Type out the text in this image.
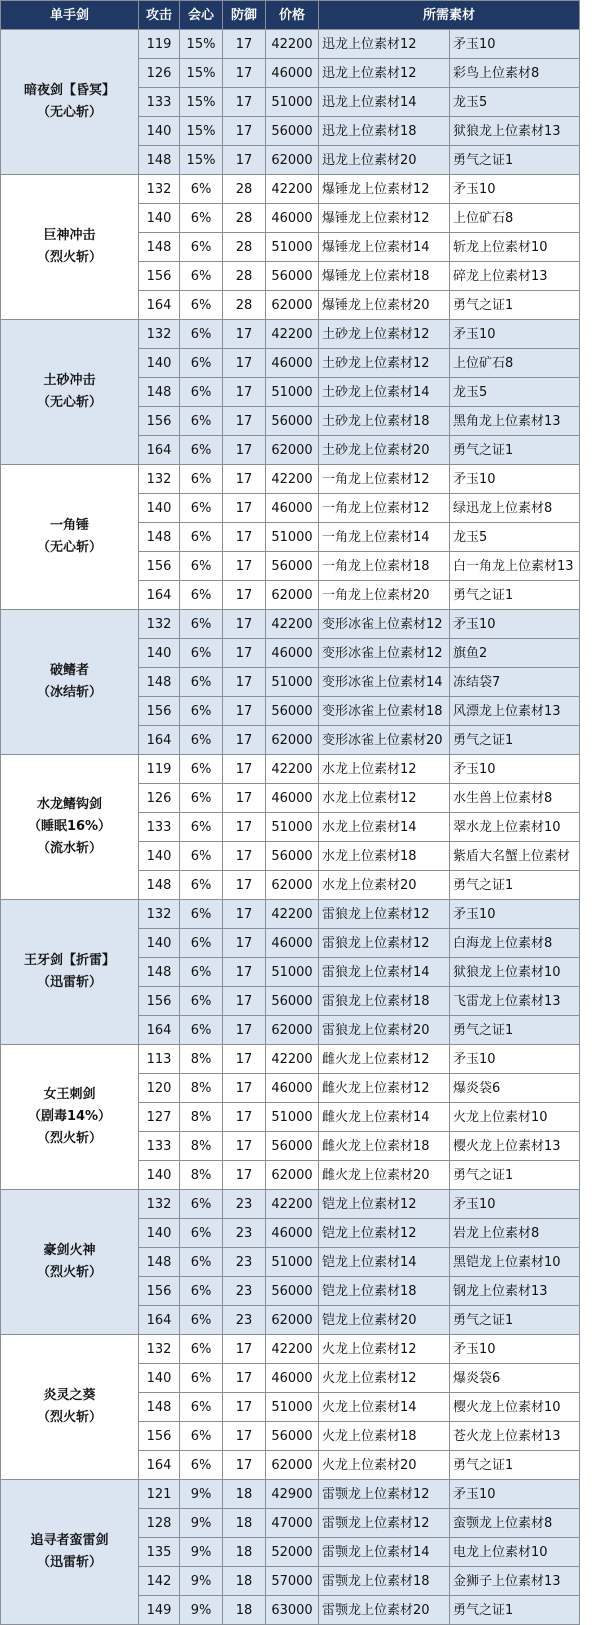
单手剑	攻击	会心	防御	价格	所需素材	

暗夜剑【昏冥】
（无心斩）	119	15%	17	42200	迅龙上位素材12	矛玉10
	126	15%	17	46000	迅龙上位素材12	彩鸟上位素材8
	133	15%	17	51000	迅龙上位素材14	龙玉5
	140	15%	17	56000	迅龙上位素材18	狱狼龙上位素材13
	148	15%	17	62000	迅龙上位素材20	勇气之证1

巨神冲击
（烈火斩）	132	6%	28	42200	爆锤龙上位素材12	矛玉10
	140	6%	28	46000	爆锤龙上位素材12	上位矿石8
	148	6%	28	51000	爆锤龙上位素材14	斩龙上位素材10
	156	6%	28	56000	爆锤龙上位素材18	碎龙上位素材13
	164	6%	28	62000	爆锤龙上位素材20	勇气之证1

土砂冲击
（无心斩）	132	6%	17	42200	土砂龙上位素材12	矛玉10
	140	6%	17	46000	土砂龙上位素材12	上位矿石8
	148	6%	17	51000	土砂龙上位素材14	龙玉5
	156	6%	17	56000	土砂龙上位素材18	黑角龙上位素材13
	164	6%	17	62000	土砂龙上位素材20	勇气之证1

一角锤
（无心斩）	132	6%	17	42200	一角龙上位素材12	矛玉10
	140	6%	17	46000	一角龙上位素材12	绿迅龙上位素材8
	148	6%	17	51000	一角龙上位素材14	龙玉5
	156	6%	17	56000	一角龙上位素材18	白一角龙上位素材13
	164	6%	17	62000	一角龙上位素材20	勇气之证1

破鳍者
（冰结斩）	132	6%	17	42200	变形冰雀上位素材12	矛玉10
	140	6%	17	46000	变形冰雀上位素材12	旗鱼2
	148	6%	17	51000	变形冰雀上位素材14	冻结袋7
	156	6%	17	56000	变形冰雀上位素材18	风漂龙上位素材13
	164	6%	17	62000	变形冰雀上位素材20	勇气之证1

水龙鳍钩剑
（睡眠16%）
（流水斩）	119	6%	17	42200	水龙上位素材12	矛玉10
	126	6%	17	46000	水龙上位素材12	水生兽上位素材8
	133	6%	17	51000	水龙上位素材14	翠水龙上位素材10
	140	6%	17	56000	水龙上位素材18	紫盾大名蟹上位素材
	148	6%	17	62000	水龙上位素材20	勇气之证1

王牙剑【折雷】
（迅雷斩）	132	6%	17	42200	雷狼龙上位素材12	矛玉10
	140	6%	17	46000	雷狼龙上位素材12	白海龙上位素材8
	148	6%	17	51000	雷狼龙上位素材14	狱狼龙上位素材10
	156	6%	17	56000	雷狼龙上位素材18	飞雷龙上位素材13
	164	6%	17	62000	雷狼龙上位素材20	勇气之证1

女王刺剑
（剧毒14%）
（烈火斩）	113	8%	17	42200	雌火龙上位素材12	矛玉10
	120	8%	17	46000	雌火龙上位素材12	爆炎袋6
	127	8%	17	51000	雌火龙上位素材14	火龙上位素材10
	133	8%	17	56000	雌火龙上位素材18	樱火龙上位素材13
	140	8%	17	62000	雌火龙上位素材20	勇气之证1

豪剑火神
（烈火斩）	132	6%	23	42200	铠龙上位素材12	矛玉10
	140	6%	23	46000	铠龙上位素材12	岩龙上位素材8
	148	6%	23	51000	铠龙上位素材14	黑铠龙上位素材10
	156	6%	23	56000	铠龙上位素材18	钢龙上位素材13
	164	6%	23	62000	铠龙上位素材20	勇气之证1

炎灵之葵
（烈火斩）	132	6%	17	42200	火龙上位素材12	矛玉10
	140	6%	17	46000	火龙上位素材12	爆炎袋6
	148	6%	17	51000	火龙上位素材14	樱火龙上位素材10
	156	6%	17	56000	火龙上位素材18	苍火龙上位素材13
	164	6%	17	62000	火龙上位素材20	勇气之证1

追寻者蛮雷剑
（迅雷斩）	121	9%	18	42900	雷颚龙上位素材12	矛玉10
	128	9%	18	47000	雷颚龙上位素材12	蛮颚龙上位素材8
	135	9%	18	52000	雷颚龙上位素材14	电龙上位素材10
	142	9%	18	57000	雷颚龙上位素材18	金狮子上位素材13
	149	9%	18	63000	雷颚龙上位素材20	勇气之证1
